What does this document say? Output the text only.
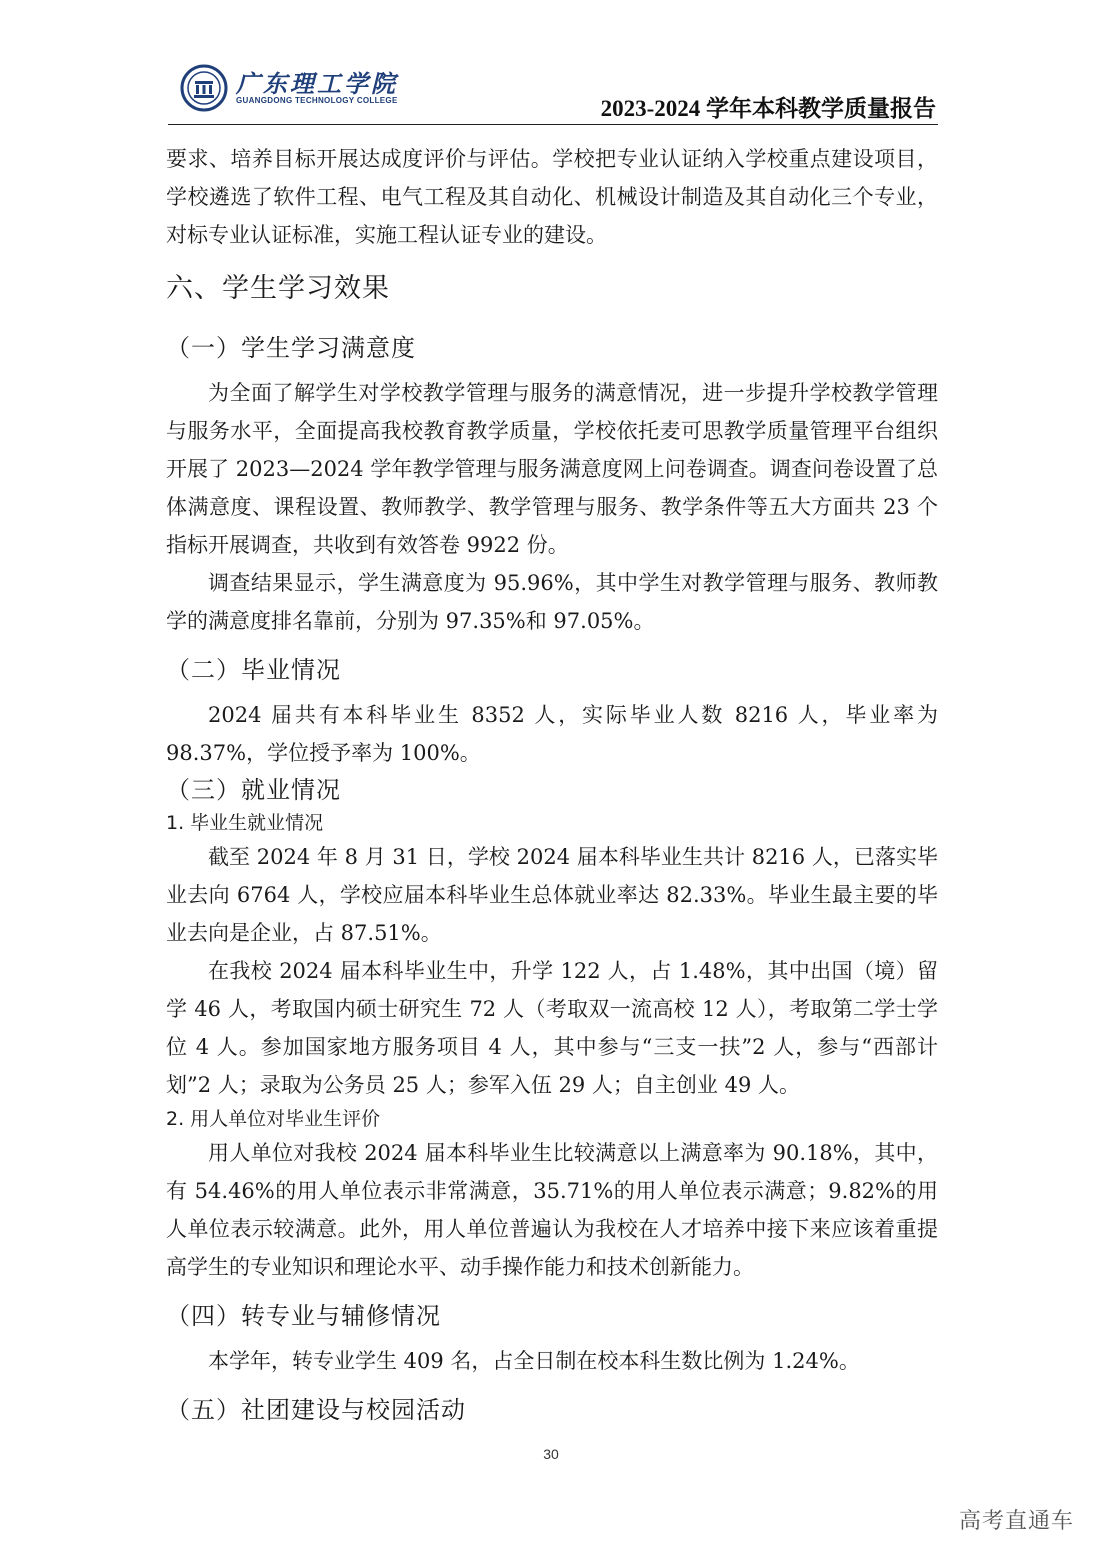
广东理工学院
GUANGDONG TECHNOLOGY COLLEGE	2023-2024 学年本科教学质量报告

要求、培养目标开展达成度评价与评估。学校把专业认证纳入学校重点建设项目，学校遴选了软件工程、电气工程及其自动化、机械设计制造及其自动化三个专业，对标专业认证标准，实施工程认证专业的建设。

六、学生学习效果
（一）学生学习满意度

为全面了解学生对学校教学管理与服务的满意情况，进一步提升学校教学管理与服务水平，全面提高我校教育教学质量，学校依托麦可思教学质量管理平台组织开展了 2023—2024 学年教学管理与服务满意度网上问卷调查。调查问卷设置了总体满意度、课程设置、教师教学、教学管理与服务、教学条件等五大方面共 23 个指标开展调查，共收到有效答卷 9922 份。

调查结果显示，学生满意度为 95.96%，其中学生对教学管理与服务、教师教学的满意度排名靠前，分别为 97.35%和 97.05%。

（二）毕业情况

2024 届共有本科毕业生 8352 人，实际毕业人数 8216 人，毕业率为 98.37%，学位授予率为 100%。

（三）就业情况
1. 毕业生就业情况

截至 2024 年 8 月 31 日，学校 2024 届本科毕业生共计 8216 人，已落实毕业去向 6764 人，学校应届本科毕业生总体就业率达 82.33%。毕业生最主要的毕业去向是企业，占 87.51%。

在我校 2024 届本科毕业生中，升学 122 人，占 1.48%，其中出国（境）留学 46 人，考取国内硕士研究生 72 人（考取双一流高校 12 人），考取第二学士学位 4 人。参加国家地方服务项目 4 人，其中参与“三支一扶”2 人，参与“西部计划”2 人；录取为公务员 25 人；参军入伍 29 人；自主创业 49 人。

2. 用人单位对毕业生评价

用人单位对我校 2024 届本科毕业生比较满意以上满意率为 90.18%，其中，有 54.46%的用人单位表示非常满意，35.71%的用人单位表示满意；9.82%的用人单位表示较满意。此外，用人单位普遍认为我校在人才培养中接下来应该着重提高学生的专业知识和理论水平、动手操作能力和技术创新能力。

（四）转专业与辅修情况

本学年，转专业学生 409 名，占全日制在校本科生数比例为 1.24%。

（五）社团建设与校园活动
30
高考直通车
